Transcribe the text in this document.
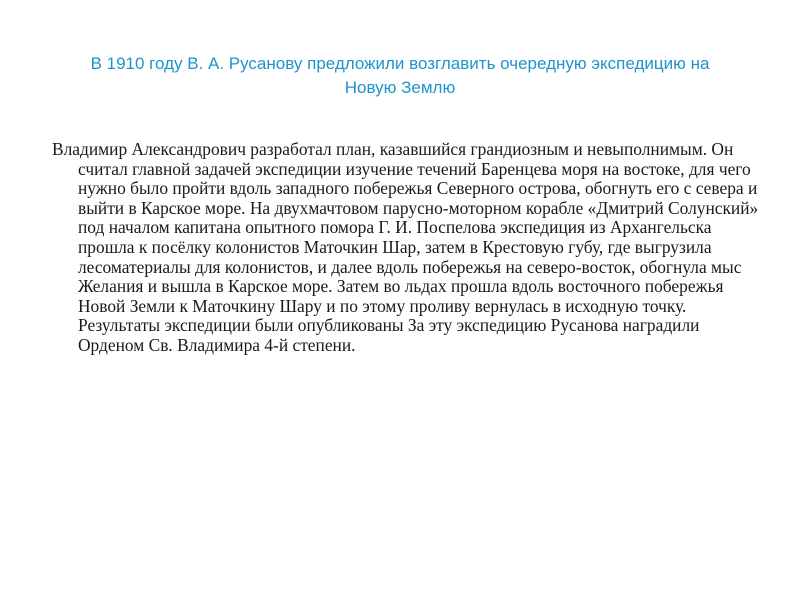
В 1910 году В. А. Русанову предложили возглавить очередную экспедицию на Новую Землю

Владимир Александрович разработал план, казавшийся грандиозным и невыполнимым. Он считал главной задачей экспедиции изучение течений Баренцева моря на востоке, для чего нужно было пройти вдоль западного побережья Северного острова, обогнуть его с севера и выйти в Карское море. На двухмачтовом парусно-моторном корабле «Дмитрий Солунский» под началом капитана опытного помора Г. И. Поспелова экспедиция из Архангельска прошла к посёлку колонистов Маточкин Шар, затем в Крестовую губу, где выгрузила лесоматериалы для колонистов, и далее вдоль побережья на северо-восток, обогнула мыс Желания и вышла в Карское море. Затем во льдах прошла вдоль восточного побережья Новой Земли к Маточкину Шару и по этому проливу вернулась в исходную точку. Результаты экспедиции были опубликованы За эту экспедицию Русанова наградили Орденом Св. Владимира 4-й степени.
